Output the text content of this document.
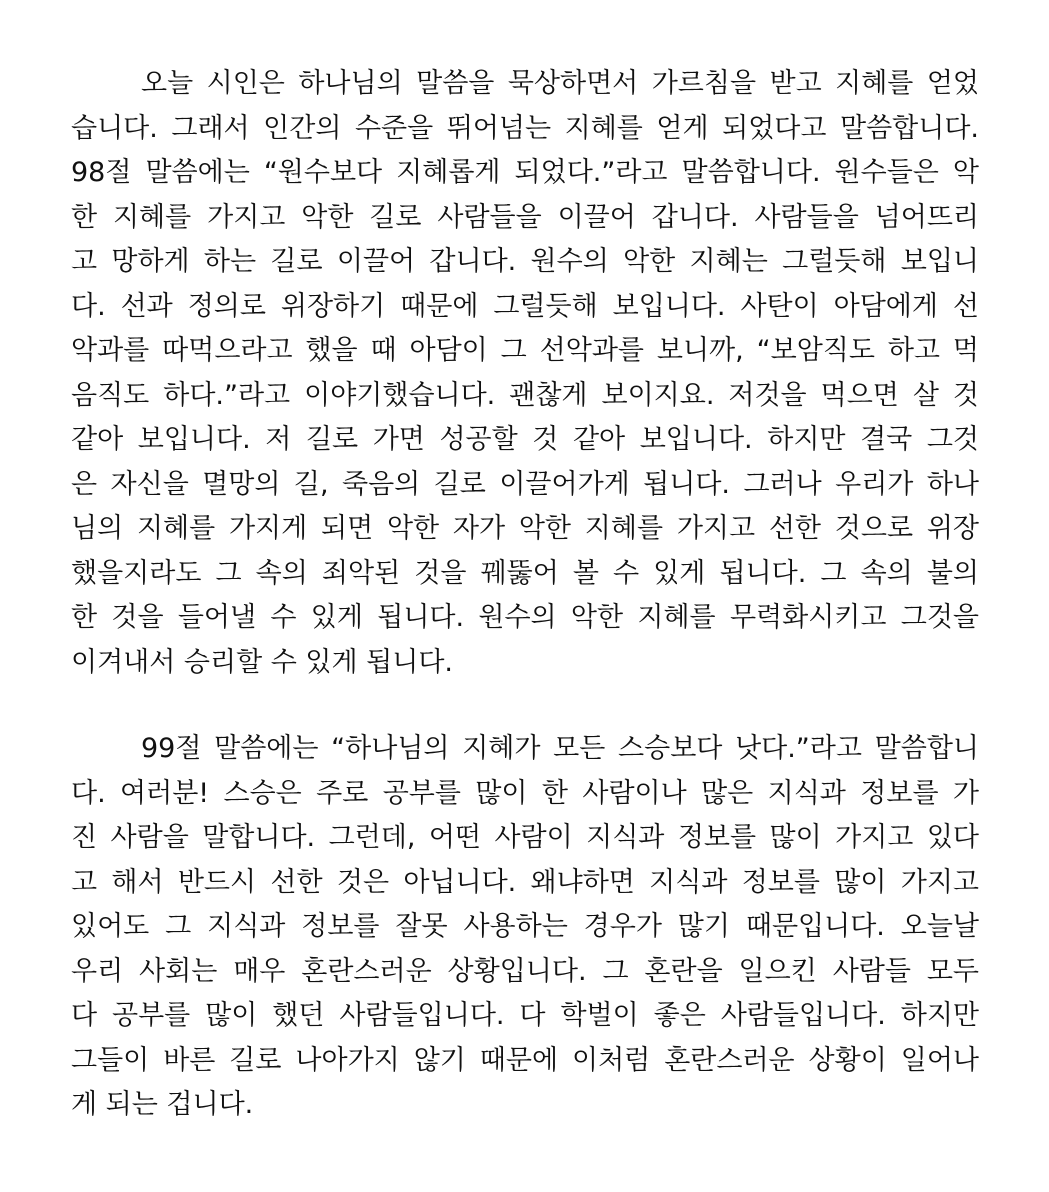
오늘 시인은 하나님의 말씀을 묵상하면서 가르침을 받고 지혜를 얻었
습니다. 그래서 인간의 수준을 뛰어넘는 지혜를 얻게 되었다고 말씀합니다.
98절 말씀에는 “원수보다 지혜롭게 되었다.”라고 말씀합니다. 원수들은 악
한 지혜를 가지고 악한 길로 사람들을 이끌어 갑니다. 사람들을 넘어뜨리
고 망하게 하는 길로 이끌어 갑니다. 원수의 악한 지혜는 그럴듯해 보입니
다. 선과 정의로 위장하기 때문에 그럴듯해 보입니다. 사탄이 아담에게 선
악과를 따먹으라고 했을 때 아담이 그 선악과를 보니까, “보암직도 하고 먹
음직도 하다.”라고 이야기했습니다. 괜찮게 보이지요. 저것을 먹으면 살 것
같아 보입니다. 저 길로 가면 성공할 것 같아 보입니다. 하지만 결국 그것
은 자신을 멸망의 길, 죽음의 길로 이끌어가게 됩니다. 그러나 우리가 하나
님의 지혜를 가지게 되면 악한 자가 악한 지혜를 가지고 선한 것으로 위장
했을지라도 그 속의 죄악된 것을 꿰뚫어 볼 수 있게 됩니다. 그 속의 불의
한 것을 들어낼 수 있게 됩니다. 원수의 악한 지혜를 무력화시키고 그것을
이겨내서 승리할 수 있게 됩니다.
99절 말씀에는 “하나님의 지혜가 모든 스승보다 낫다.”라고 말씀합니
다. 여러분! 스승은 주로 공부를 많이 한 사람이나 많은 지식과 정보를 가
진 사람을 말합니다. 그런데, 어떤 사람이 지식과 정보를 많이 가지고 있다
고 해서 반드시 선한 것은 아닙니다. 왜냐하면 지식과 정보를 많이 가지고
있어도 그 지식과 정보를 잘못 사용하는 경우가 많기 때문입니다. 오늘날
우리 사회는 매우 혼란스러운 상황입니다. 그 혼란을 일으킨 사람들 모두
다 공부를 많이 했던 사람들입니다. 다 학벌이 좋은 사람들입니다. 하지만
그들이 바른 길로 나아가지 않기 때문에 이처럼 혼란스러운 상황이 일어나
게 되는 겁니다.
